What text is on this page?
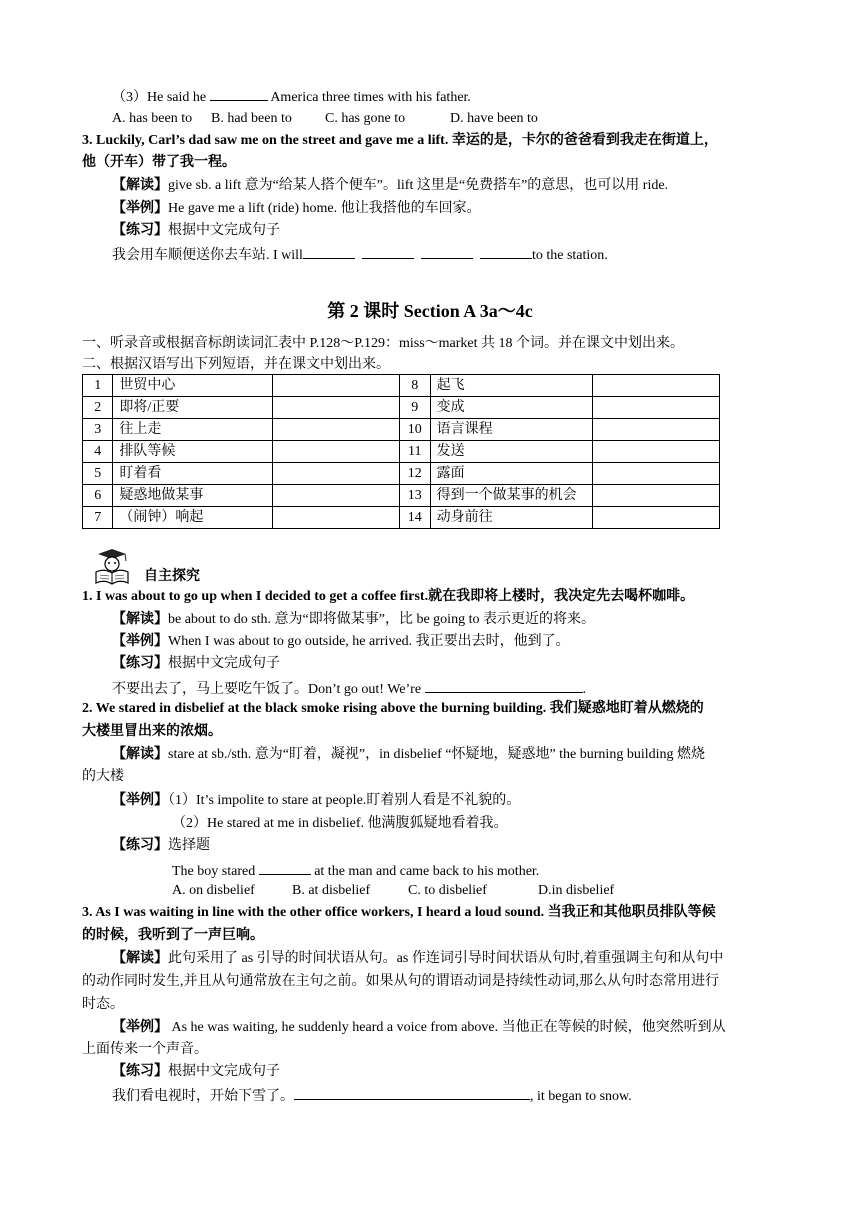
（3）He said he	America three times with his father.
A. has been to B. had been to C. has gone to	D. have been to
3. Luckily, Carl’s dad saw me on the street and gave me a lift. 幸运的是，卡尔的爸爸看到我走在街道上，
他（开车）带了我一程。
【解读】give sb. a lift 意为“给某人搭个便车”。lift 这里是“免费搭车”的意思，也可以用 ride.
【举例】He gave me a lift (ride) home. 他让我搭他的车回家。
【练习】根据中文完成句子
我会用车顺便送你去车站. I will	to the station.
第 2 课时 Section A 3a～4c
一、听录音或根据音标朗读词汇表中 P.128～P.129：miss～market 共 18 个词。并在课文中划出来。
二、根据汉语写出下列短语，并在课文中划出来。
1	世贸中心		8	起飞	
2	即将/正要		9	变成	
3	往上走		10	语言课程	
4	排队等候		11	发送	
5	盯着看		12	露面	
6	疑惑地做某事		13	得到一个做某事的机会	
7	（闹钟）响起		14	动身前往	
自主探究
1. I was about to go up when I decided to get a coffee first.就在我即将上楼时，我决定先去喝杯咖啡。
【解读】be about to do sth. 意为“即将做某事”，比 be going to 表示更近的将来。
【举例】When I was about to go outside, he arrived. 我正要出去时，他到了。
【练习】根据中文完成句子
不要出去了，马上要吃午饭了。Don’t go out! We’re	.
2. We stared in disbelief at the black smoke rising above the burning building. 我们疑惑地盯着从燃烧的
大楼里冒出来的浓烟。
【解读】stare at sb./sth. 意为“盯着，凝视”，in disbelief “怀疑地，疑惑地” the burning building 燃烧
的大楼
【举例】（1）It’s impolite to stare at people.盯着别人看是不礼貌的。
（2）He stared at me in disbelief. 他满腹狐疑地看着我。
【练习】选择题
The boy stared	at the man and came back to his mother.
A. on disbelief	B. at disbelief	C. to disbelief	D.in disbelief
3. As I was waiting in line with the other office workers, I heard a loud sound. 当我正和其他职员排队等候
的时候，我听到了一声巨响。
【解读】此句采用了 as 引导的时间状语从句。as 作连词引导时间状语从句时,着重强调主句和从句中
的动作同时发生,并且从句通常放在主句之前。如果从句的谓语动词是持续性动词,那么从句时态常用进行
时态。
【举例】 As he was waiting, he suddenly heard a voice from above. 当他正在等候的时候，他突然听到从
上面传来一个声音。
【练习】根据中文完成句子
我们看电视时，开始下雪了。	, it began to snow.
